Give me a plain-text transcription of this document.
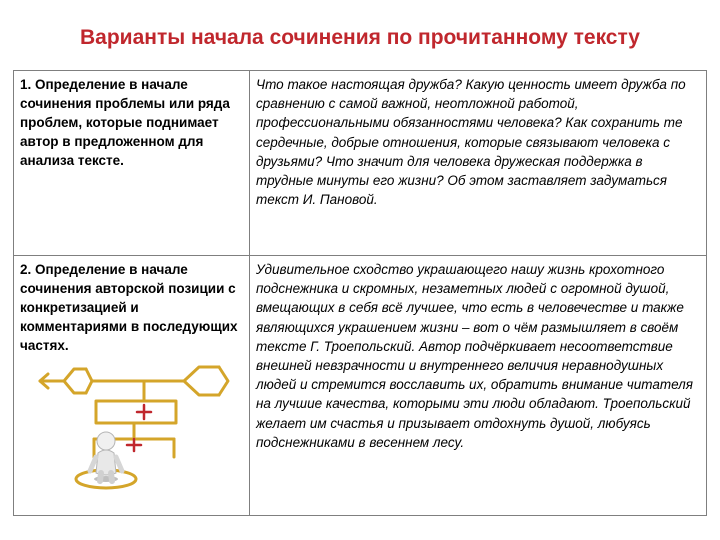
Варианты начала сочинения по прочитанному тексту
1. Определение в начале сочинения проблемы или ряда проблем, которые поднимает автор в предложенном для анализа тексте.	Что такое настоящая дружба? Какую ценность имеет дружба по сравнению с самой важной, неотложной работой, профессиональными обязанностями человека? Как сохранить те сердечные, добрые отношения, которые связывают человека с друзьями? Что значит для человека дружеская поддержка в трудные минуты его жизни? Об этом заставляет задуматься текст И. Пановой.
2. Определение в начале сочинения авторской позиции с конкретизацией и комментариями в последующих частях.	Удивительное сходство украшающего нашу жизнь крохотного подснежника и скромных, незаметных людей с огромной душой, вмещающих в себя всё лучшее, что есть в человечестве и также являющихся украшением жизни – вот о чём размышляет в своём тексте Г. Троепольский. Автор подчёркивает несоответствие внешней невзрачности и внутреннего величия неравнодушных людей и стремится восславить их, обратить внимание читателя на лучшие качества, которыми эти люди обладают. Троепольский желает им счастья и призывает отдохнуть душой, любуясь подснежниками в весеннем лесу.
